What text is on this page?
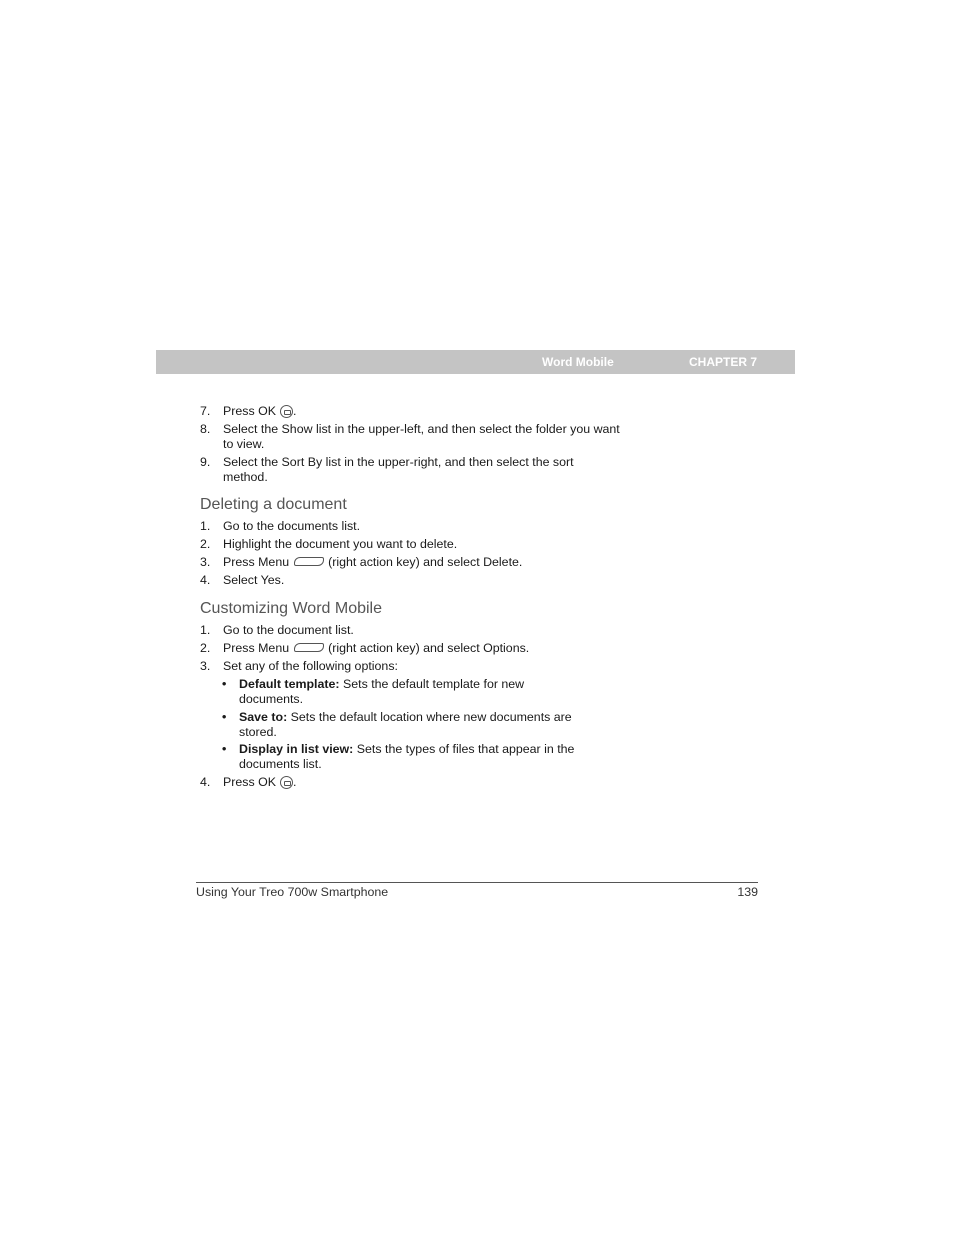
Word Mobile	CHAPTER 7
7.	Press OK .
8.	Select the Show list in the upper-left, and then select the folder you want to view.
9.	Select the Sort By list in the upper-right, and then select the sort method.
Deleting a document
1.	Go to the documents list.
2.	Highlight the document you want to delete.
3.	Press Menu	(right action key) and select Delete.
4.	Select Yes.
Customizing Word Mobile
1.	Go to the document list.
2.	Press Menu	(right action key) and select Options.
3.	Set any of the following options:
• Default template: Sets the default template for new documents.
• Save to: Sets the default location where new documents are stored.
• Display in list view: Sets the types of files that appear in the documents list.
4.	Press OK .
Using Your Treo 700w Smartphone	139
